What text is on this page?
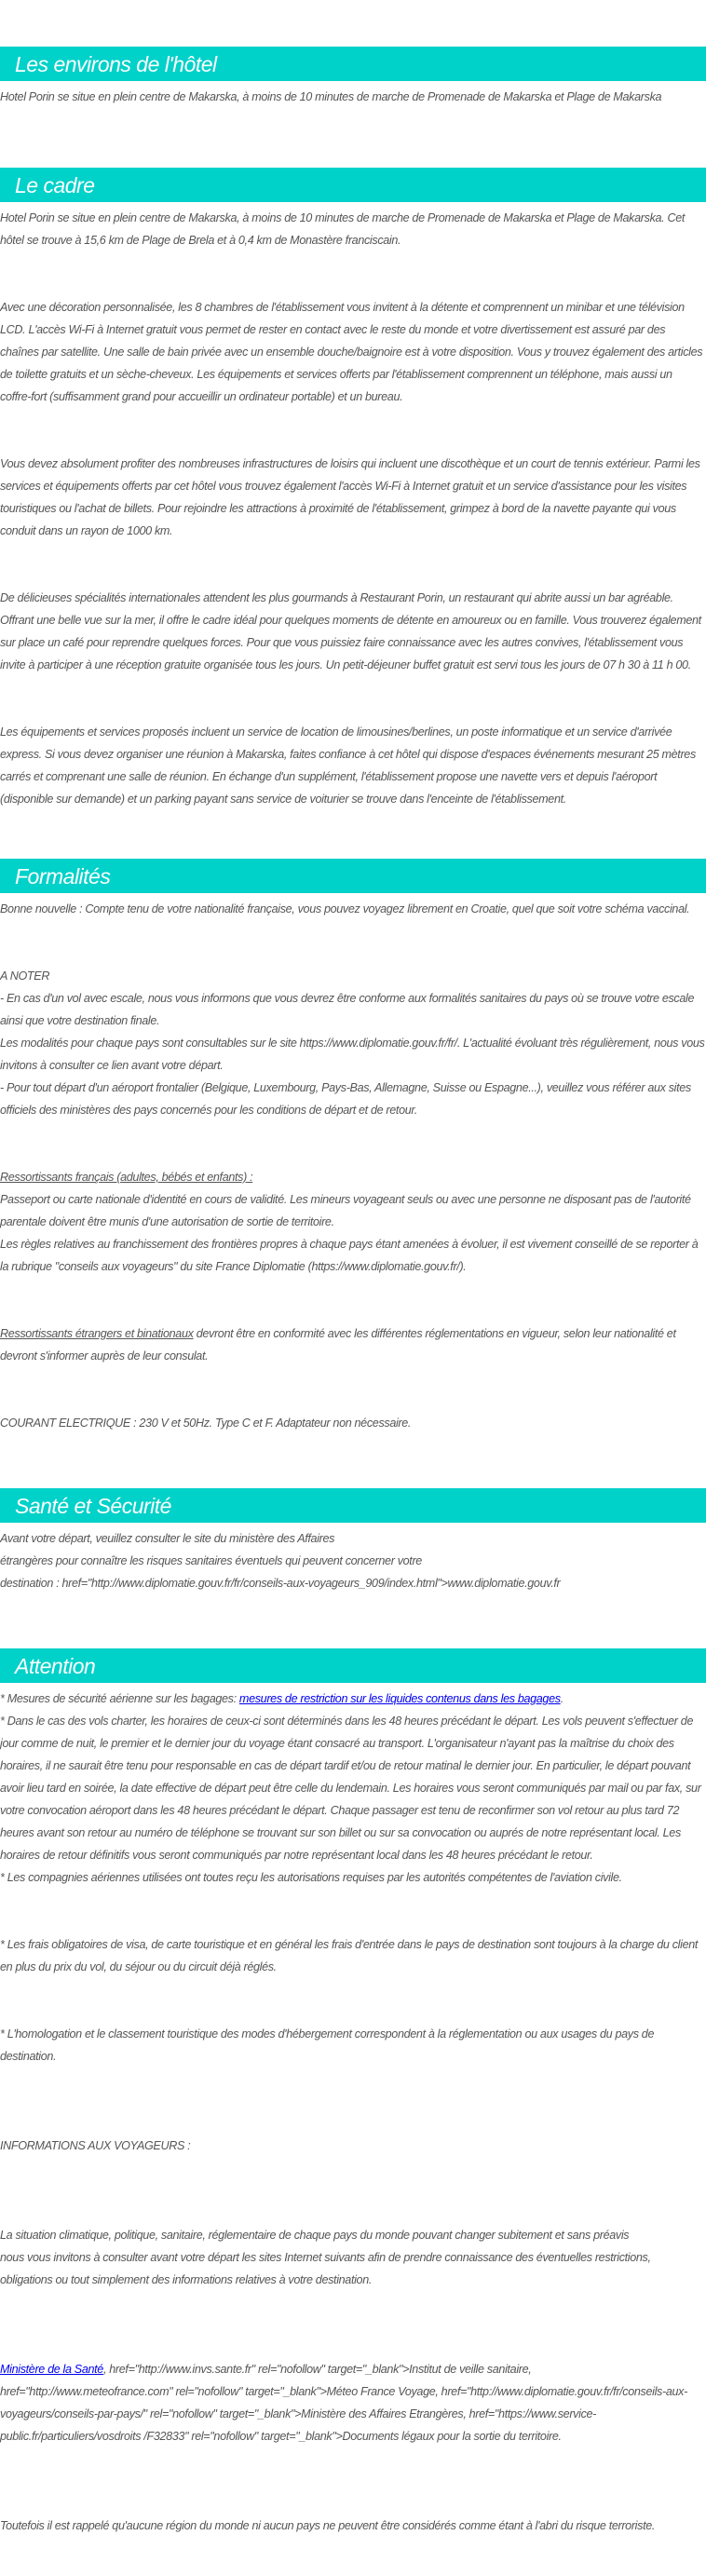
Les environs de l'hôtel

Hotel Porin se situe en plein centre de Makarska, à moins de 10 minutes de marche de Promenade de Makarska et Plage de Makarska

Le cadre

Hotel Porin se situe en plein centre de Makarska, à moins de 10 minutes de marche de Promenade de Makarska et Plage de Makarska. Cet hôtel se trouve à 15,6 km de Plage de Brela et à 0,4 km de Monastère franciscain.

Avec une décoration personnalisée, les 8 chambres de l'établissement vous invitent à la détente et comprennent un minibar et une télévision LCD. L'accès Wi-Fi à Internet gratuit vous permet de rester en contact avec le reste du monde et votre divertissement est assuré par des chaînes par satellite. Une salle de bain privée avec un ensemble douche/baignoire est à votre disposition. Vous y trouvez également des articles de toilette gratuits et un sèche-cheveux. Les équipements et services offerts par l'établissement comprennent un téléphone, mais aussi un coffre-fort (suffisamment grand pour accueillir un ordinateur portable) et un bureau.

Vous devez absolument profiter des nombreuses infrastructures de loisirs qui incluent une discothèque et un court de tennis extérieur. Parmi les services et équipements offerts par cet hôtel vous trouvez également l'accès Wi-Fi à Internet gratuit et un service d'assistance pour les visites touristiques ou l'achat de billets. Pour rejoindre les attractions à proximité de l'établissement, grimpez à bord de la navette payante qui vous conduit dans un rayon de 1000 km.

De délicieuses spécialités internationales attendent les plus gourmands à Restaurant Porin, un restaurant qui abrite aussi un bar agréable. Offrant une belle vue sur la mer, il offre le cadre idéal pour quelques moments de détente en amoureux ou en famille. Vous trouverez également sur place un café pour reprendre quelques forces. Pour que vous puissiez faire connaissance avec les autres convives, l'établissement vous invite à participer à une réception gratuite organisée tous les jours. Un petit-déjeuner buffet gratuit est servi tous les jours de 07 h 30 à 11 h 00.

Les équipements et services proposés incluent un service de location de limousines/berlines, un poste informatique et un service d'arrivée express. Si vous devez organiser une réunion à Makarska, faites confiance à cet hôtel qui dispose d'espaces événements mesurant 25 mètres carrés et comprenant une salle de réunion. En échange d'un supplément, l'établissement propose une navette vers et depuis l'aéroport (disponible sur demande) et un parking payant sans service de voiturier se trouve dans l'enceinte de l'établissement.

Formalités

Bonne nouvelle : Compte tenu de votre nationalité française, vous pouvez voyagez librement en Croatie, quel que soit votre schéma vaccinal.

A NOTER

- En cas d'un vol avec escale, nous vous informons que vous devrez être conforme aux formalités sanitaires du pays où se trouve votre escale ainsi que votre destination finale.

Les modalités pour chaque pays sont consultables sur le site https://www.diplomatie.gouv.fr/fr/. L'actualité évoluant très régulièrement, nous vous invitons à consulter ce lien avant votre départ.

- Pour tout départ d'un aéroport frontalier (Belgique, Luxembourg, Pays-Bas, Allemagne, Suisse ou Espagne...), veuillez vous référer aux sites officiels des ministères des pays concernés pour les conditions de départ et de retour.

Ressortissants français (adultes, bébés et enfants) :

Passeport ou carte nationale d'identité en cours de validité. Les mineurs voyageant seuls ou avec une personne ne disposant pas de l'autorité parentale doivent être munis d'une autorisation de sortie de territoire.

Les règles relatives au franchissement des frontières propres à chaque pays étant amenées à évoluer, il est vivement conseillé de se reporter à la rubrique "conseils aux voyageurs" du site France Diplomatie (https://www.diplomatie.gouv.fr/).

Ressortissants étrangers et binationaux devront être en conformité avec les différentes réglementations en vigueur, selon leur nationalité et devront s'informer auprès de leur consulat.

COURANT ELECTRIQUE : 230 V et 50Hz. Type C et F. Adaptateur non nécessaire.

Santé et Sécurité

Avant votre départ, veuillez consulter le site du ministère des Affaires

étrangères pour connaître les risques sanitaires éventuels qui peuvent concerner votre

destination : href="http://www.diplomatie.gouv.fr/fr/conseils-aux-voyageurs_909/index.html">www.diplomatie.gouv.fr

Attention

* Mesures de sécurité aérienne sur les bagages: mesures de restriction sur les liquides contenus dans les bagages.

* Dans le cas des vols charter, les horaires de ceux-ci sont déterminés dans les 48 heures précédant le départ. Les vols peuvent s'effectuer de jour comme de nuit, le premier et le dernier jour du voyage étant consacré au transport. L'organisateur n'ayant pas la maîtrise du choix des horaires, il ne saurait être tenu pour responsable en cas de départ tardif et/ou de retour matinal le dernier jour. En particulier, le départ pouvant avoir lieu tard en soirée, la date effective de départ peut être celle du lendemain. Les horaires vous seront communiqués par mail ou par fax, sur votre convocation aéroport dans les 48 heures précédant le départ. Chaque passager est tenu de reconfirmer son vol retour au plus tard 72 heures avant son retour au numéro de téléphone se trouvant sur son billet ou sur sa convocation ou auprés de notre représentant local. Les horaires de retour définitifs vous seront communiqués par notre représentant local dans les 48 heures précédant le retour.

* Les compagnies aériennes utilisées ont toutes reçu les autorisations requises par les autorités compétentes de l'aviation civile.

* Les frais obligatoires de visa, de carte touristique et en général les frais d'entrée dans le pays de destination sont toujours à la charge du client en plus du prix du vol, du séjour ou du circuit déjà réglés.

* L'homologation et le classement touristique des modes d'hébergement correspondent à la réglementation ou aux usages du pays de destination.

INFORMATIONS AUX VOYAGEURS :

La situation climatique, politique, sanitaire, réglementaire de chaque pays du monde pouvant changer subitement et sans préavis

nous vous invitons à consulter avant votre départ les sites Internet suivants afin de prendre connaissance des éventuelles restrictions, obligations ou tout simplement des informations relatives à votre destination.

Ministère de la Santé, href="http://www.invs.sante.fr" rel="nofollow" target="_blank">Institut de veille sanitaire, href="http://www.meteofrance.com" rel="nofollow" target="_blank">Méteo France Voyage, href="http://www.diplomatie.gouv.fr/fr/conseils-aux-voyageurs/conseils-par-pays/" rel="nofollow" target="_blank">Ministère des Affaires Etrangères, href="https://www.service-public.fr/particuliers/vosdroits /F32833" rel="nofollow" target="_blank">Documents légaux pour la sortie du territoire.

Toutefois il est rappelé qu'aucune région du monde ni aucun pays ne peuvent être considérés comme étant à l'abri du risque terroriste.
